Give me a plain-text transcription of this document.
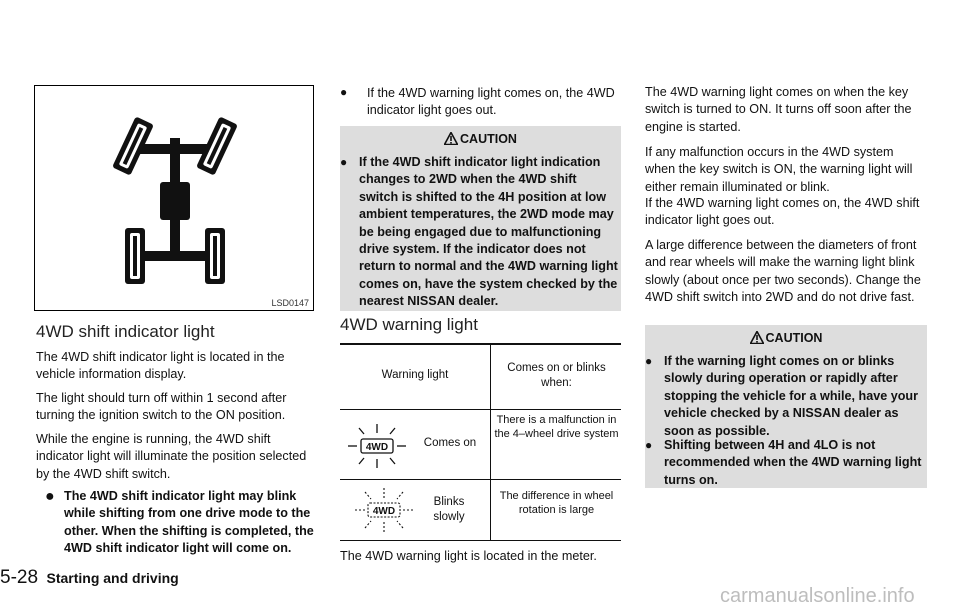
LSD0147
4WD shift indicator light
The 4WD shift indicator light is located in the vehicle information display.
The light should turn off within 1 second after turning the ignition switch to the ON position.
While the engine is running, the 4WD shift indicator light will illuminate the position selected by the 4WD shift switch.
● The 4WD shift indicator light may blink while shifting from one drive mode to the other. When the shifting is completed, the 4WD shift indicator light will come on.
● If the 4WD warning light comes on, the 4WD indicator light goes out.
CAUTION
● If the 4WD shift indicator light indication changes to 2WD when the 4WD shift switch is shifted to the 4H position at low ambient temperatures, the 2WD mode may be being engaged due to malfunctioning drive system. If the indicator does not return to normal and the 4WD warning light comes on, have the system checked by the nearest NISSAN dealer.
4WD warning light
Warning light
Comes on or blinks when:
4WD	Comes on
There is a malfunction in the 4–wheel drive system
4WD
Blinks slowly
The difference in wheel rotation is large
The 4WD warning light is located in the meter.
The 4WD warning light comes on when the key switch is turned to ON. It turns off soon after the engine is started.
If any malfunction occurs in the 4WD system when the key switch is ON, the warning light will either remain illuminated or blink.
If the 4WD warning light comes on, the 4WD shift indicator light goes out.
A large difference between the diameters of front and rear wheels will make the warning light blink slowly (about once per two seconds). Change the 4WD shift switch into 2WD and do not drive fast.
CAUTION
● If the warning light comes on or blinks slowly during operation or rapidly after stopping the vehicle for a while, have your vehicle checked by a NISSAN dealer as soon as possible.
● Shifting between 4H and 4LO is not recommended when the 4WD warning light turns on.
5-28 Starting and driving
carmanualsonline.info
